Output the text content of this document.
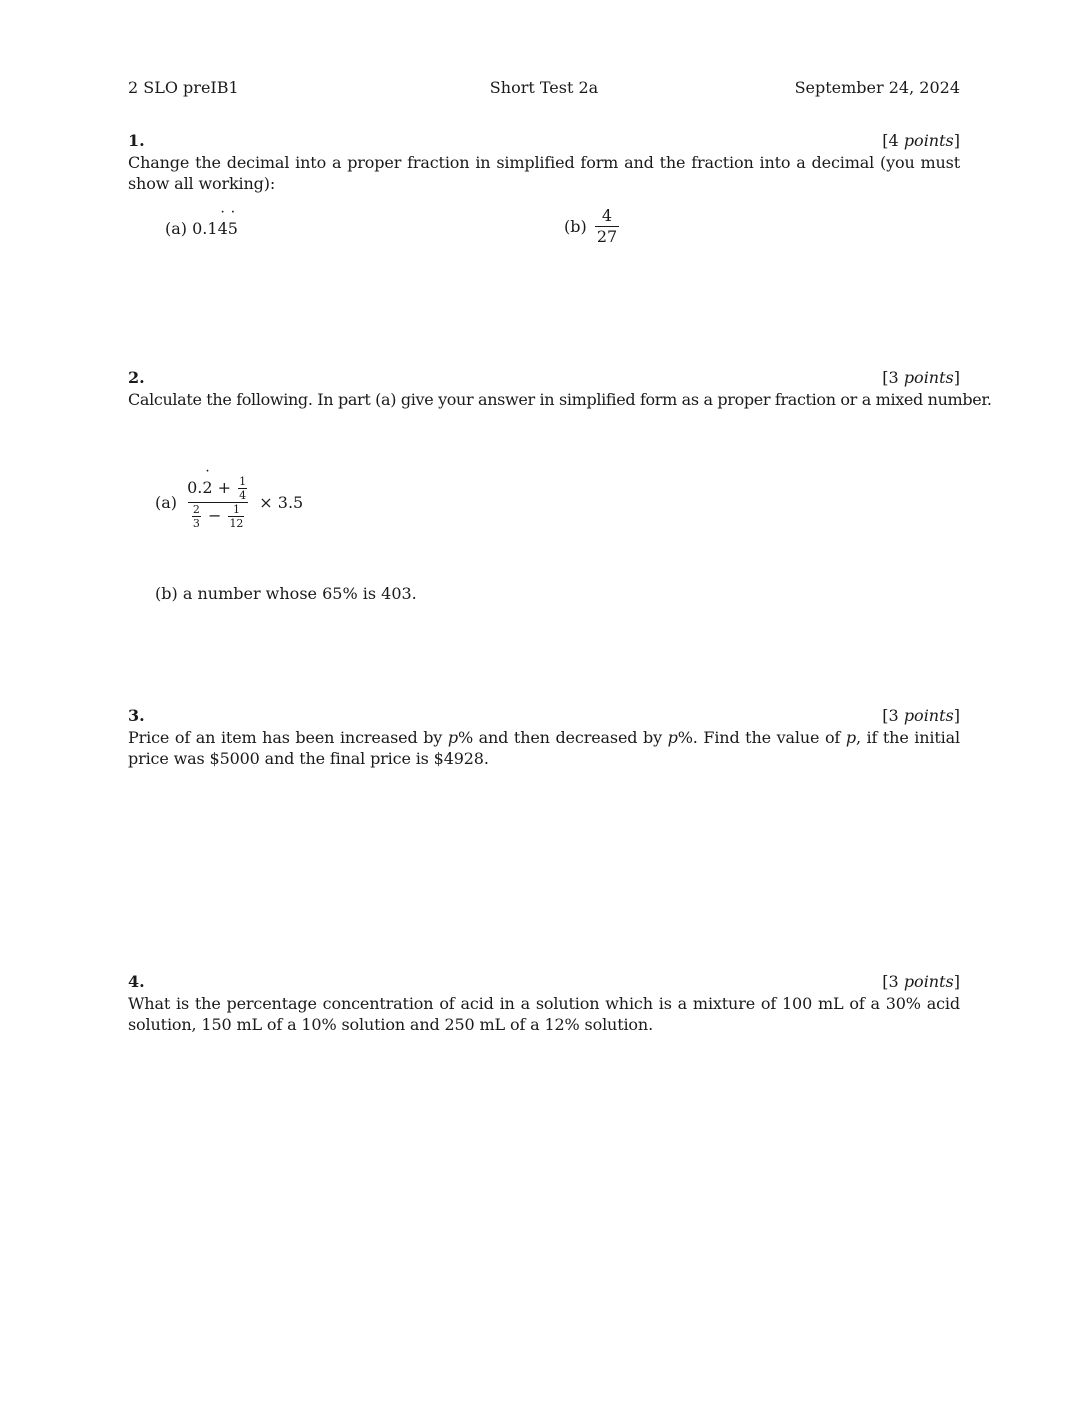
2 SLO preIB1	Short Test 2a	September 24, 2024
1.	[4 points]
Change the decimal into a proper fraction in simplified form and the fraction into a decimal (you must show all working):
(a) 0.1˙ 4˙ 5	$(b) \frac{4}{27}$
2.	[3 points]
Calculate the following. In part (a) give your answer in simplified form as a proper fraction or a mixed number.
$(a) \frac{0.˙ 2 + \frac{1}{4}}{\frac{2}{3} - \frac{1}{12}} \times 3.5$
(b) a number whose 65% is 403.
3.	[3 points]
Price of an item has been increased by p% and then decreased by p%. Find the value of p, if the initial price was $5000 and the final price is $4928.
4.	[3 points]
What is the percentage concentration of acid in a solution which is a mixture of 100 mL of a 30% acid solution, 150 mL of a 10% solution and 250 mL of a 12% solution.
